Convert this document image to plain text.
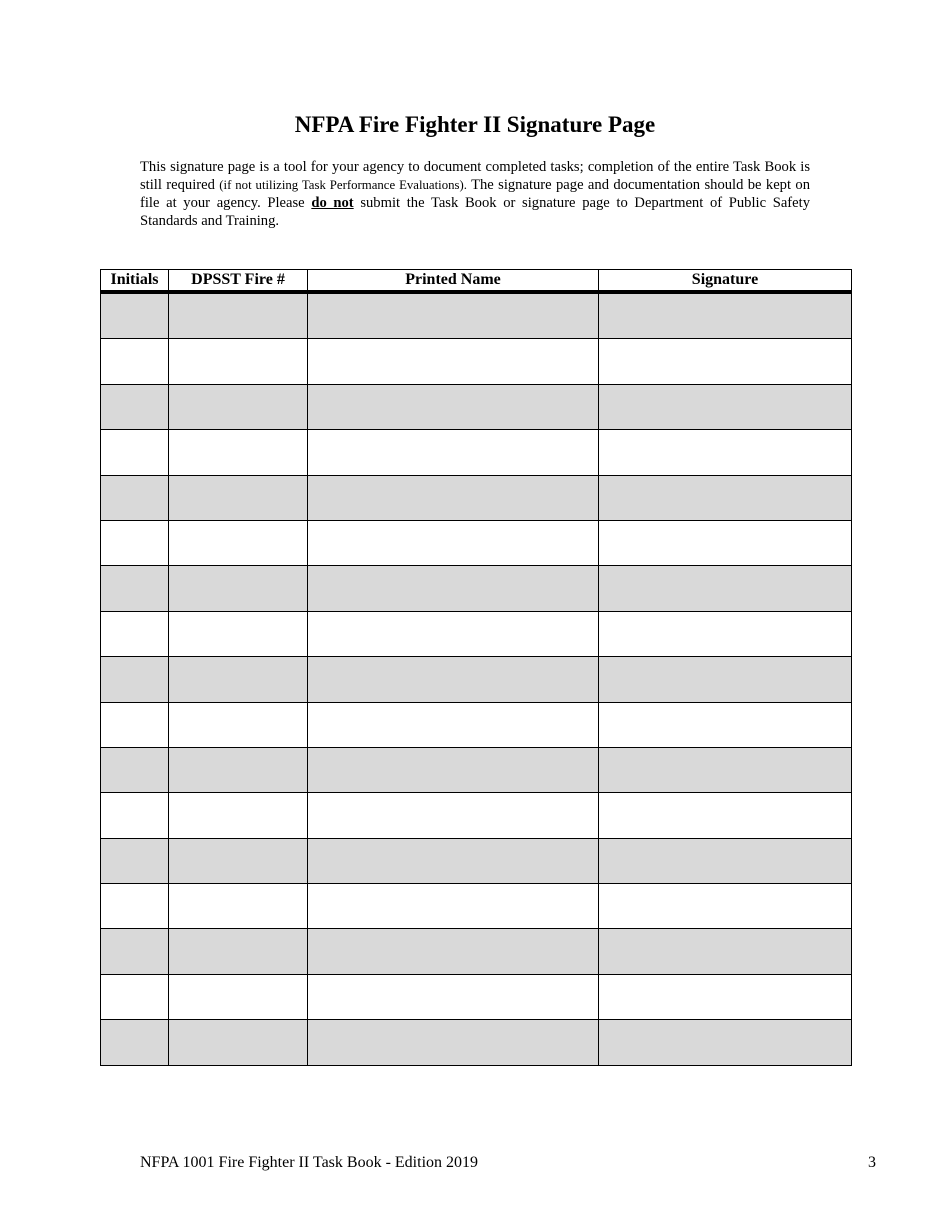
NFPA Fire Fighter II Signature Page

This signature page is a tool for your agency to document completed tasks; completion of the entire Task Book is still required (if not utilizing Task Performance Evaluations). The signature page and documentation should be kept on file at your agency. Please do not submit the Task Book or signature page to Department of Public Safety Standards and Training.

Initials	DPSST Fire #	Printed Name	Signature

NFPA 1001 Fire Fighter II Task Book - Edition 2019	3
